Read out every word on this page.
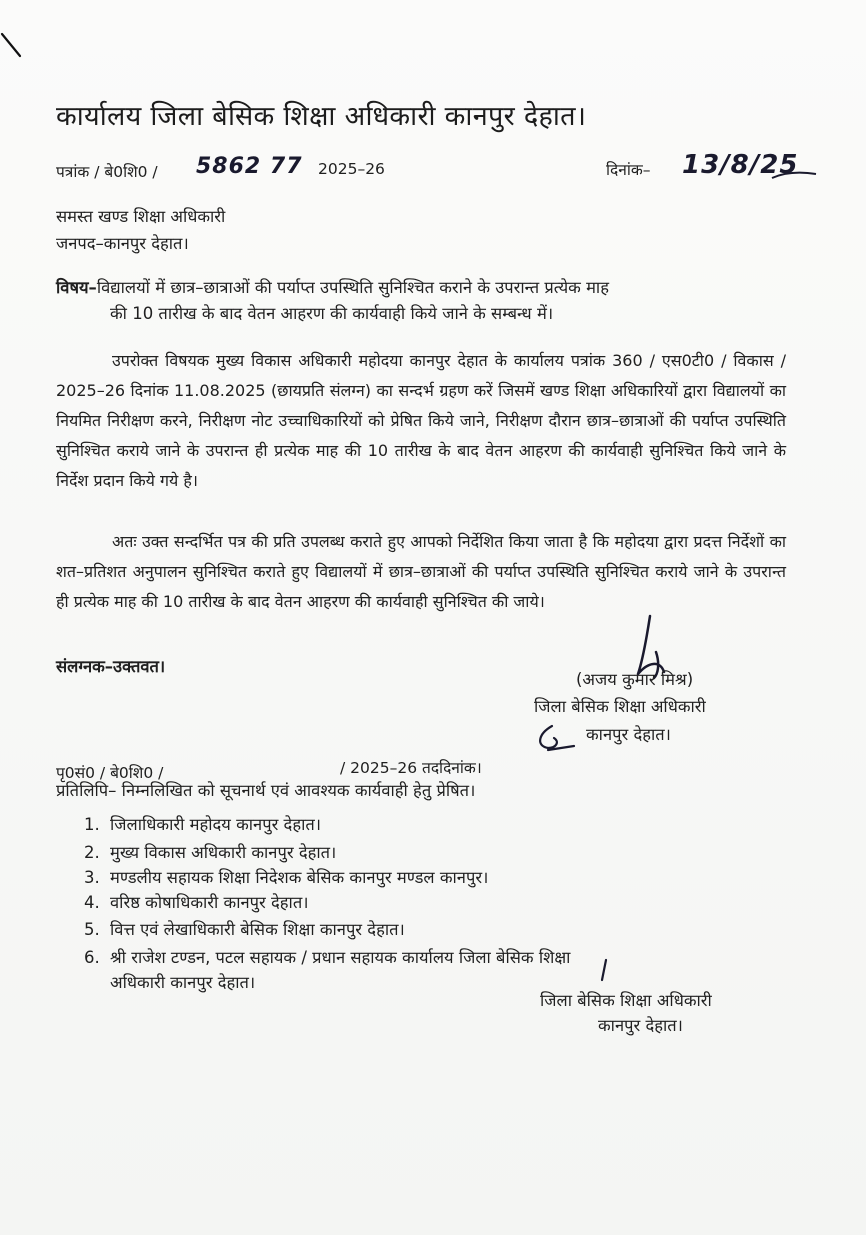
कार्यालय जिला बेसिक शिक्षा अधिकारी कानपुर देहात।
पत्रांक / बे0शि0 / 5862 77 2025–26	दिनांक– 13/8/25
समस्त खण्ड शिक्षा अधिकारी
जनपद–कानपुर देहात।
विषय–विद्यालयों में छात्र–छात्राओं की पर्याप्त उपस्थिति सुनिश्चित कराने के उपरान्त प्रत्येक माह
की 10 तारीख के बाद वेतन आहरण की कार्यवाही किये जाने के सम्बन्ध में।
उपरोक्त विषयक मुख्य विकास अधिकारी महोदया कानपुर देहात के कार्यालय पत्रांक 360 / एस0टी0 / विकास / 2025–26 दिनांक 11.08.2025 (छायप्रति संलग्न) का सन्दर्भ ग्रहण करें जिसमें खण्ड शिक्षा अधिकारियों द्वारा विद्यालयों का नियमित निरीक्षण करने, निरीक्षण नोट उच्चाधिकारियों को प्रेषित किये जाने, निरीक्षण दौरान छात्र–छात्राओं की पर्याप्त उपस्थिति सुनिश्चित कराये जाने के उपरान्त ही प्रत्येक माह की 10 तारीख के बाद वेतन आहरण की कार्यवाही सुनिश्चित किये जाने के निर्देश प्रदान किये गये है।
अतः उक्त सन्दर्भित पत्र की प्रति उपलब्ध कराते हुए आपको निर्देशित किया जाता है कि महोदया द्वारा प्रदत्त निर्देशों का शत–प्रतिशत अनुपालन सुनिश्चित कराते हुए विद्यालयों में छात्र–छात्राओं की पर्याप्त उपस्थिति सुनिश्चित कराये जाने के उपरान्त ही प्रत्येक माह की 10 तारीख के बाद वेतन आहरण की कार्यवाही सुनिश्चित की जाये।
संलग्नक–उक्तवत।
(अजय कुमार मिश्र)
जिला बेसिक शिक्षा अधिकारी
कानपुर देहात।
पृ0सं0 / बे0शि0 /	/ 2025–26 तददिनांक।
प्रतिलिपि– निम्नलिखित को सूचनार्थ एवं आवश्यक कार्यवाही हेतु प्रेषित।
1. जिलाधिकारी महोदय कानपुर देहात।
2. मुख्य विकास अधिकारी कानपुर देहात।
3. मण्डलीय सहायक शिक्षा निदेशक बेसिक कानपुर मण्डल कानपुर।
4. वरिष्ठ कोषाधिकारी कानपुर देहात।
5. वित्त एवं लेखाधिकारी बेसिक शिक्षा कानपुर देहात।
6. श्री राजेश टण्डन, पटल सहायक / प्रधान सहायक कार्यालय जिला बेसिक शिक्षा
अधिकारी कानपुर देहात।
जिला बेसिक शिक्षा अधिकारी
कानपुर देहात।
